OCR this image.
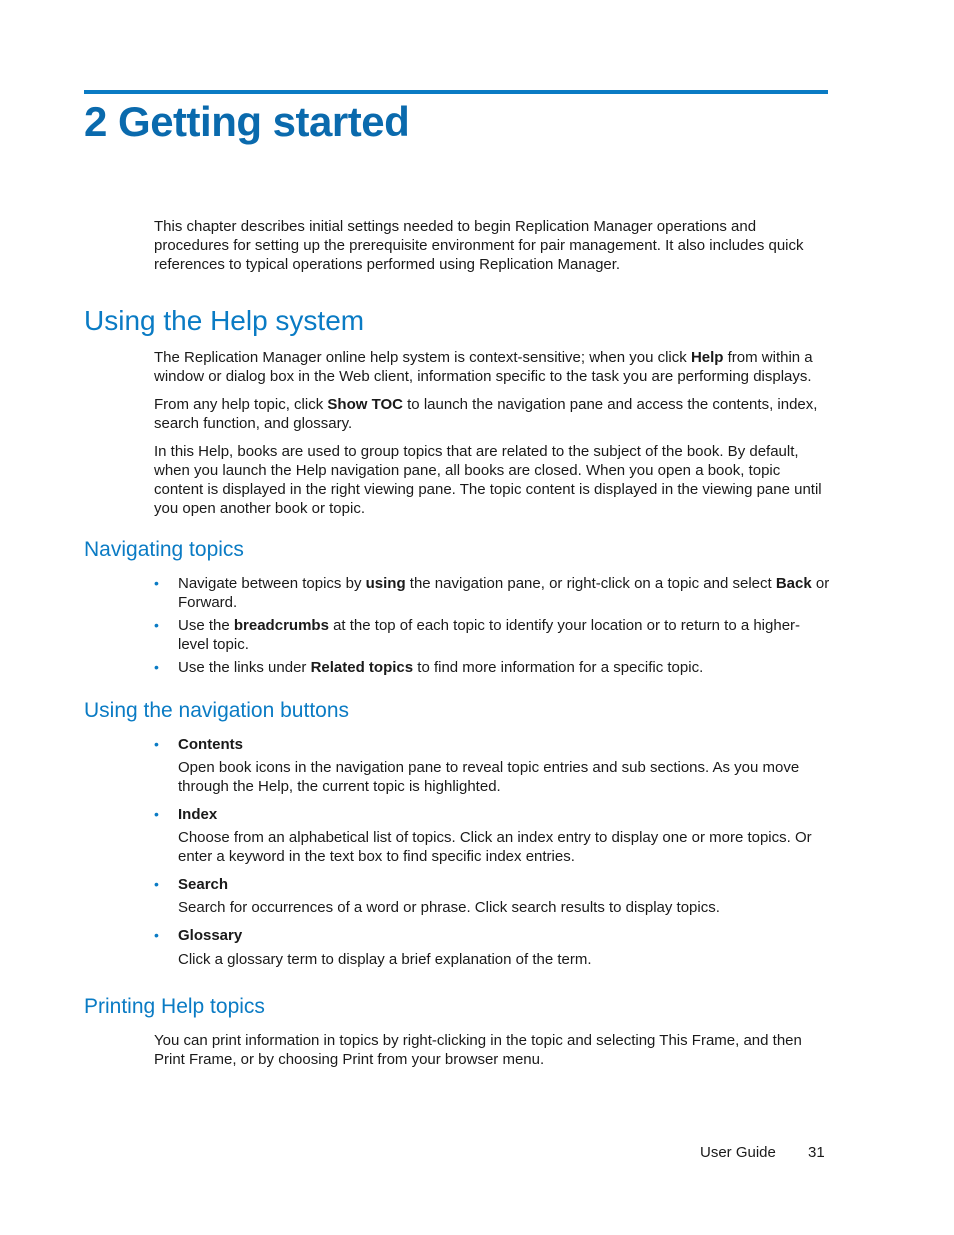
2 Getting started

This chapter describes initial settings needed to begin Replication Manager operations and procedures for setting up the prerequisite environment for pair management. It also includes quick references to typical operations performed using Replication Manager.

Using the Help system

The Replication Manager online help system is context-sensitive; when you click Help from within a window or dialog box in the Web client, information specific to the task you are performing displays.

From any help topic, click Show TOC to launch the navigation pane and access the contents, index, search function, and glossary.

In this Help, books are used to group topics that are related to the subject of the book. By default, when you launch the Help navigation pane, all books are closed. When you open a book, topic content is displayed in the right viewing pane. The topic content is displayed in the viewing pane until you open another book or topic.

Navigating topics
• Navigate between topics by using the navigation pane, or right-click on a topic and select Back or Forward.
• Use the breadcrumbs at the top of each topic to identify your location or to return to a higher-level topic.
• Use the links under Related topics to find more information for a specific topic.
Using the navigation buttons
• Contents

Open book icons in the navigation pane to reveal topic entries and sub sections. As you move through the Help, the current topic is highlighted.

• Index

Choose from an alphabetical list of topics. Click an index entry to display one or more topics. Or enter a keyword in the text box to find specific index entries.

• Search

Search for occurrences of a word or phrase. Click search results to display topics.

• Glossary

Click a glossary term to display a brief explanation of the term.

Printing Help topics

You can print information in topics by right-clicking in the topic and selecting This Frame, and then Print Frame, or by choosing Print from your browser menu.

User Guide 31
